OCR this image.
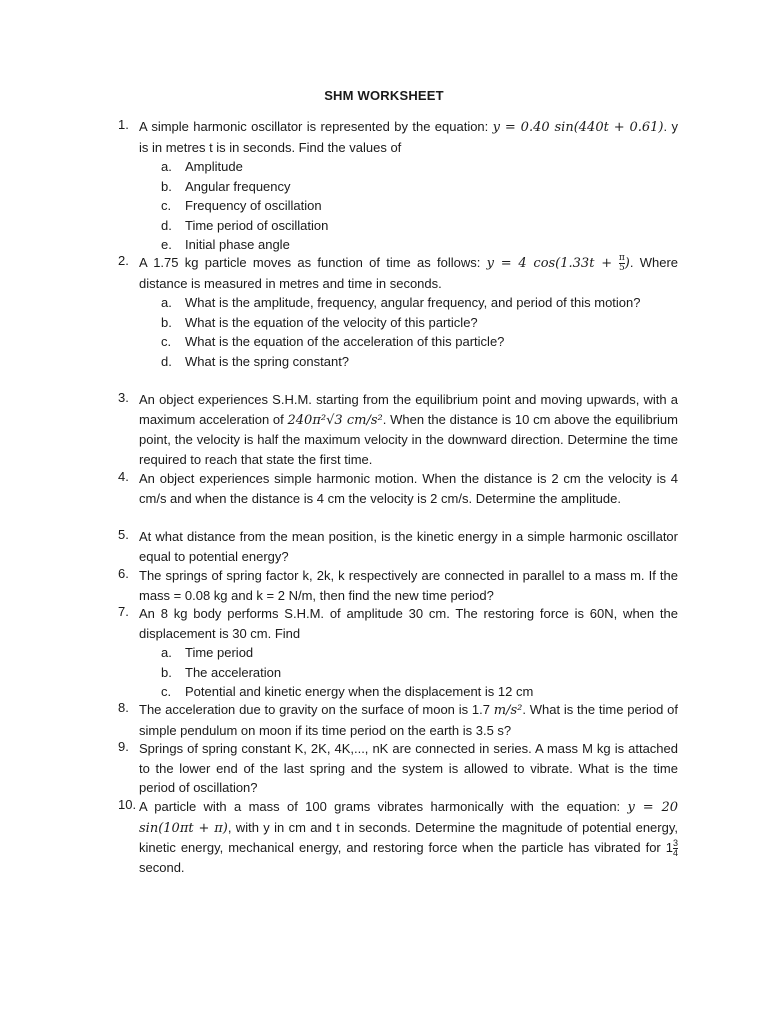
SHM WORKSHEET
1. A simple harmonic oscillator is represented by the equation: y = 0.40 sin(440t + 0.61). y is in metres t is in seconds. Find the values of

a. Amplitude
b. Angular frequency
c. Frequency of oscillation
d. Time period of oscillation
e. Initial phase angle
2. A 1.75 kg particle moves as function of time as follows: y = 4 $\cos(1.33t + \frac{\pi}{5}$ ). Where distance is measured in metres and time in seconds.

a. What is the amplitude, frequency, angular frequency, and period of this motion?
b. What is the equation of the velocity of this particle?
c. What is the equation of the acceleration of this particle?
d. What is the spring constant?
3. An object experiences S.H.M. starting from the equilibrium point and moving upwards, with a maximum acceleration of 240π²√3 cm/s². When the distance is 10 cm above the equilibrium point, the velocity is half the maximum velocity in the downward direction. Determine the time required to reach that state the first time.

4. An object experiences simple harmonic motion. When the distance is 2 cm the velocity is 4 cm/s and when the distance is 4 cm the velocity is 2 cm/s. Determine the amplitude.

5. At what distance from the mean position, is the kinetic energy in a simple harmonic oscillator equal to potential energy?

6. The springs of spring factor k, 2k, k respectively are connected in parallel to a mass m. If the mass = 0.08 kg and k = 2 N/m, then find the new time period?

7. An 8 kg body performs S.H.M. of amplitude 30 cm. The restoring force is 60N, when the displacement is 30 cm. Find

a. Time period
b. The acceleration
c. Potential and kinetic energy when the displacement is 12 cm
8. The acceleration due to gravity on the surface of moon is 1.7 m/s². What is the time period of simple pendulum on moon if its time period on the earth is 3.5 s?

9. Springs of spring constant K, 2K, 4K,..., nK are connected in series. A mass M kg is attached to the lower end of the last spring and the system is allowed to vibrate. What is the time period of oscillation?

10. A particle with a mass of 100 grams vibrates harmonically with the equation: y = 20 sin(10πt + π), with y in cm and t in seconds. Determine the magnitude of potential energy, kinetic energy, mechanical energy, and restoring force when the particle has vibrated for $1 \frac{3}{4}$
second.
